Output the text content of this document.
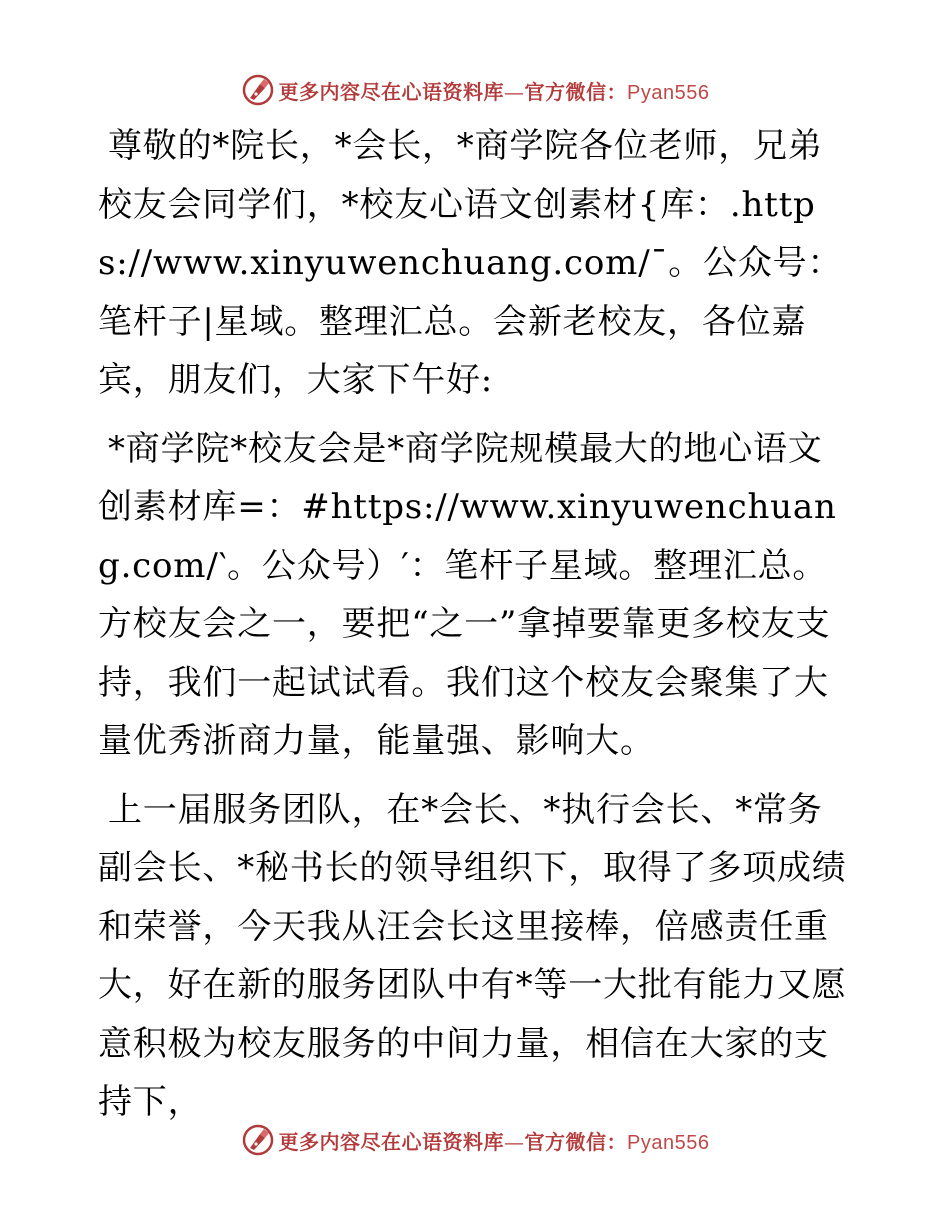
更多内容尽在心语资料库—官方微信：Pyan556

尊敬的*院长，*会长，*商学院各位老师，兄弟校友会同学们，*校友心语文创素材{库：.https://www.xinyuwenchuang.com/¯。公众号：笔杆子|星域。整理汇总。会新老校友，各位嘉宾，朋友们，大家下午好:

*商学院*校友会是*商学院规模最大的地心语文创素材库=：#https://www.xinyuwenchuang.com/‵。公众号）′：笔杆子星域。整理汇总。方校友会之一，要把“之一”拿掉要靠更多校友支持，我们一起试试看。我们这个校友会聚集了大量优秀浙商力量，能量强、影响大。

上一届服务团队，在*会长、*执行会长、*常务副会长、*秘书长的领导组织下，取得了多项成绩和荣誉，今天我从汪会长这里接棒，倍感责任重大，好在新的服务团队中有*等一大批有能力又愿意积极为校友服务的中间力量，相信在大家的支持下，

更多内容尽在心语资料库—官方微信：Pyan556
